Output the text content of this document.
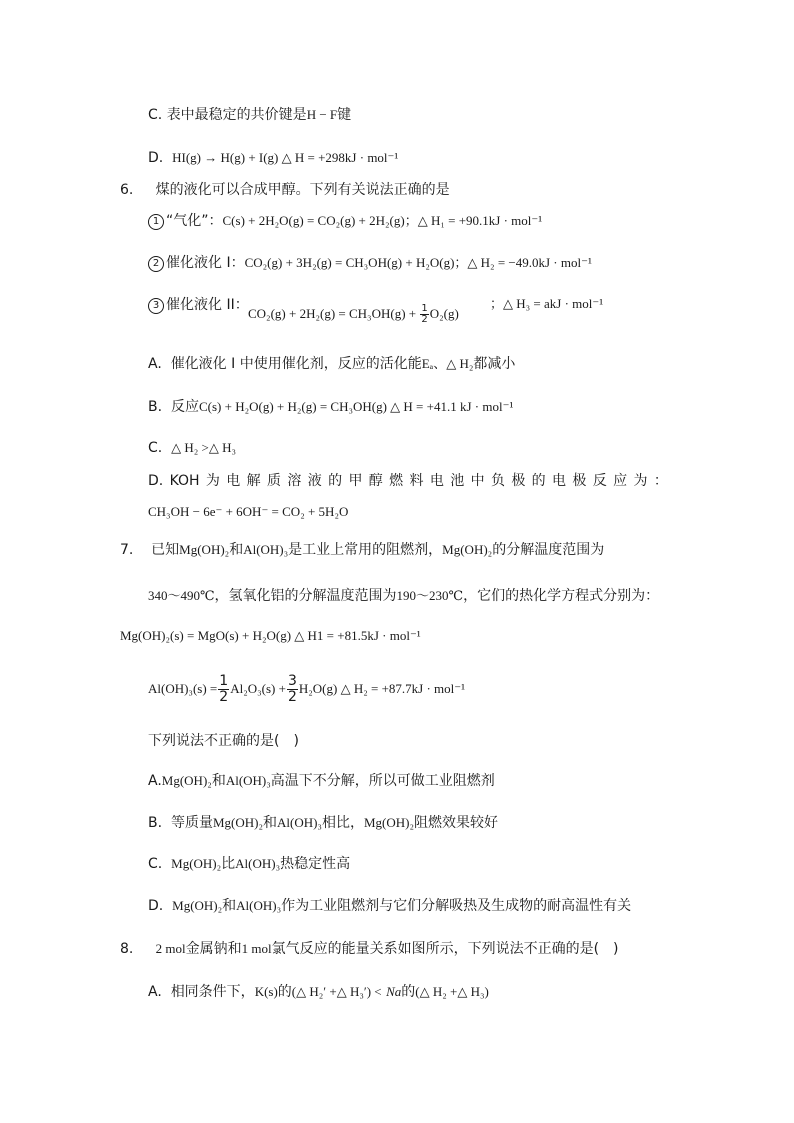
C. 表中最稳定的共价键是H − F键
D. HI(g) → H(g) + I(g) △ H = +298kJ · mol⁻¹
6. 煤的液化可以合成甲醇。下列有关说法正确的是
1 “气化”：C(s) + 2H₂O(g) = CO₂(g) + 2H₂(g)；△ H₁ = +90.1kJ · mol⁻¹
2 催化液化 I：CO₂(g) + 3H₂(g) = CH₃OH(g) + H₂O(g)；△ H₂ = −49.0kJ · mol⁻¹
3 催化液化 II：
$CO_2(g) + 2H_2(g) = CH_3OH(g) + \frac{1}{2} O_2(g)$
；△ H₃ = akJ · mol⁻¹
A. 催化液化 I 中使用催化剂，反应的活化能Eₐ、△ H₂都减小
B. 反应C(s) + H₂O(g) + H₂(g) = CH₃OH(g) △ H = +41.1 kJ · mol⁻¹
C. △ H₂ >△ H₃
D. KOH 为 电 解 质 溶 液 的 甲 醇 燃 料 电 池 中 负 极 的 电 极 反 应 为 ：
CH₃OH − 6e⁻ + 6OH⁻ = CO₂ + 5H₂O
7. 已知Mg(OH)₂和Al(OH)₃是工业上常用的阻燃剂，Mg(OH)₂的分解温度范围为
340～490℃，氢氧化铝的分解温度范围为190～230℃，它们的热化学方程式分别为：
Mg(OH)₂(s) = MgO(s) + H₂O(g) △ H1 = +81.5kJ · mol⁻¹
$Al(OH)_3(s) = \frac{1}{2} Al_2O_3(s) + \frac{3}{2} H_2O(g)$ △ H₂ = +87.7kJ · mol⁻¹
下列说法不正确的是(　)
A.Mg(OH)₂和Al(OH)₃高温下不分解，所以可做工业阻燃剂
B. 等质量Mg(OH)₂和Al(OH)₃相比，Mg(OH)₂阻燃效果较好
C. Mg(OH)₂比Al(OH)₃热稳定性高
D. Mg(OH)₂和Al(OH)₃作为工业阻燃剂与它们分解吸热及生成物的耐高温性有关
8. 2 mol金属钠和1 mol氯气反应的能量关系如图所示，下列说法不正确的是(　)
A. 相同条件下，K(s)的(△ H₂′ +△ H₃′) < Na的(△ H₂ +△ H₃)
